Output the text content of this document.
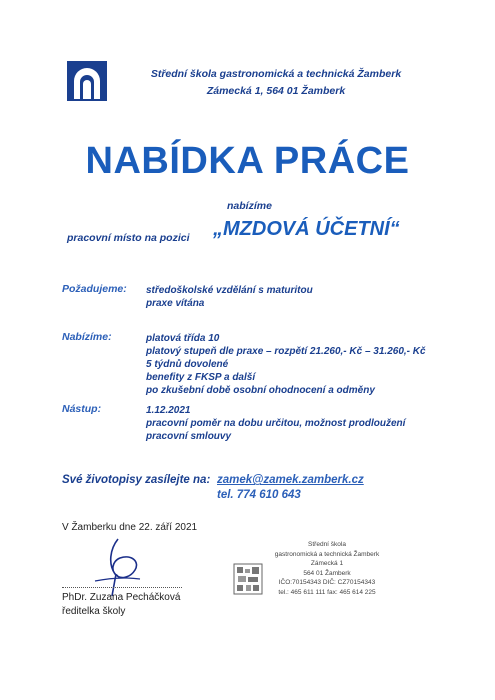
Střední škola gastronomická a technická Žamberk
Zámecká 1, 564 01 Žamberk
NABÍDKA PRÁCE
nabízíme
pracovní místo na pozici „MZDOVÁ ÚČETNÍ“
Požadujeme: středoškolské vzdělání s maturitou
praxe vítána
Nabízíme:	platová třída 10
platový stupeň dle praxe – rozpětí 21.260,- Kč – 31.260,- Kč
5 týdnů dovolené
benefity z FKSP a další
po zkušební době osobní ohodnocení a odměny
Nástup:	1.12.2021
pracovní poměr na dobu určitou, možnost prodloužení
pracovní smlouvy
Své životopisy zasílejte na: zamek@zamek.zamberk.cz
tel. 774 610 643
V Žamberku dne 22. září 2021
PhDr. Zuzana Pecháčková
ředitelka školy
Střední škola
gastronomická a technická Žamberk
Zámecká 1
564 01 Žamberk
IČO:70154343 DIČ: CZ70154343
tel.: 465 611 111 fax: 465 614 225
